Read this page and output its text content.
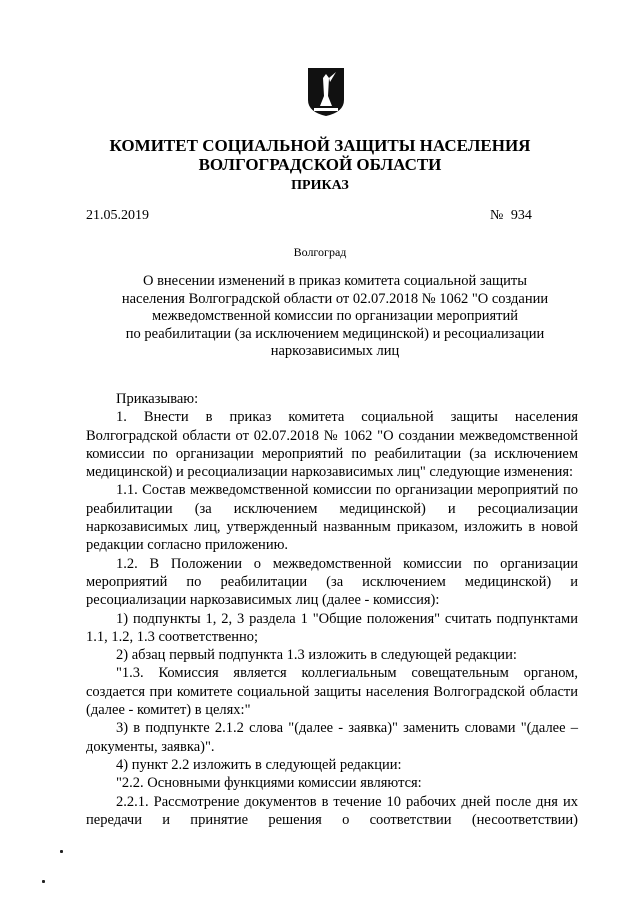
КОМИТЕТ СОЦИАЛЬНОЙ ЗАЩИТЫ НАСЕЛЕНИЯ
ВОЛГОГРАДСКОЙ ОБЛАСТИ
ПРИКАЗ
21.05.2019	№ 934
Волгоград
О внесении изменений в приказ комитета социальной защиты
населения Волгоградской области от 02.07.2018 № 1062 "О создании
межведомственной комиссии по организации мероприятий
по реабилитации (за исключением медицинской) и ресоциализации
наркозависимых лиц

Приказываю:

1. Внести в приказ комитета социальной защиты населения Волгоградской области от 02.07.2018 № 1062 "О создании межведомственной комиссии по организации мероприятий по реабилитации (за исключением медицинской) и ресоциализации наркозависимых лиц" следующие изменения:

1.1. Состав межведомственной комиссии по организации мероприятий по реабилитации (за исключением медицинской) и ресоциализации наркозависимых лиц, утвержденный названным приказом, изложить в новой редакции согласно приложению.

1.2. В Положении о межведомственной комиссии по организации мероприятий по реабилитации (за исключением медицинской) и ресоциализации наркозависимых лиц (далее - комиссия):

1) подпункты 1, 2, 3 раздела 1 "Общие положения" считать подпунктами 1.1, 1.2, 1.3 соответственно;

2) абзац первый подпункта 1.3 изложить в следующей редакции:

"1.3. Комиссия является коллегиальным совещательным органом, создается при комитете социальной защиты населения Волгоградской области (далее - комитет) в целях:"

3) в подпункте 2.1.2 слова "(далее - заявка)" заменить словами "(далее – документы, заявка)".

4) пункт 2.2 изложить в следующей редакции:

"2.2. Основными функциями комиссии являются:

2.2.1. Рассмотрение документов в течение 10 рабочих дней после дня их передачи и принятие решения о соответствии (несоответствии)
